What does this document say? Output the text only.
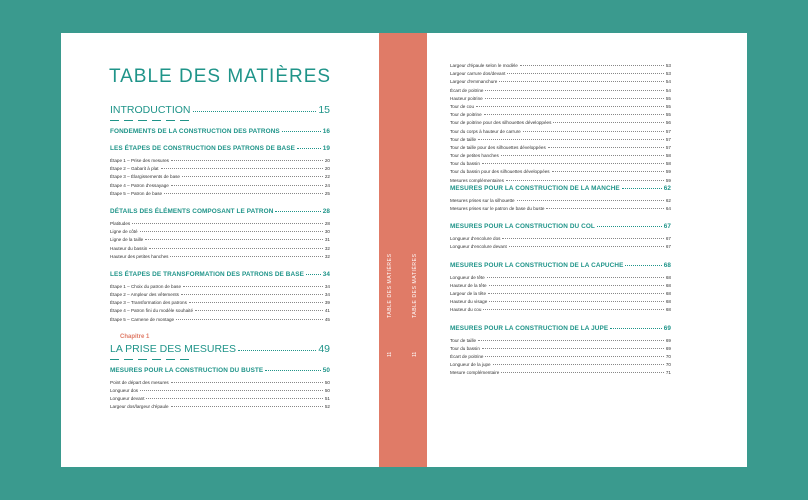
TABLE DES MATIÈRES
INTRODUCTION	15
FONDEMENTS DE LA CONSTRUCTION DES PATRONS	16
LES ÉTAPES DE CONSTRUCTION DES PATRONS DE BASE	19
Étape 1 – Prise des mesures	20
Étape 2 – Gabarit à plat	20
Étape 3 – Élargissements de base	22
Étape 4 – Patron d'essayage	24
Étape 5 – Patron de base	25
DÉTAILS DES ÉLÉMENTS COMPOSANT LE PATRON	28
Platitudes	28
Ligne de côté	30
Ligne de la taille	31
Hauteur du bassin	32
Hauteur des petites hanches	32
LES ÉTAPES DE TRANSFORMATION DES PATRONS DE BASE	34
Étape 1 – Choix du patron de base	34
Étape 2 – Ampleur des vêtements	34
Étape 3 – Transformation des patrons	39
Étape 4 – Patron fini du modèle souhaité	41
Étape 5 – Carnene de montage	45
Chapitre 1
LA PRISE DES MESURES	49
MESURES POUR LA CONSTRUCTION DU BUSTE	50
Point de départ des mesures	50
Longueur dos	50
Longueur devant	51
Largeur dos/largeur d'épaule	52
TABLE DES MATIÈRES
11
TABLE DES MATIÈRES
11
Largeur d'épaule selon le modèle	53
Largeur carrure dos/devant	53
Largeur d'emmanchure	54
Écart de poitrine	54
Hauteur poitrine	55
Tour de cou	55
Tour de poitrine	55
Tour de poitrine pour des silhouettes développées	56
Tour du corps à hauteur de carrure	57
Tour de taille	57
Tour de taille pour des silhouettes développées	57
Tour de petites hanches	58
Tour du bassin	58
Tour du bassin pour des silhouettes développées	59
Mesures complémentaires	59
MESURES POUR LA CONSTRUCTION DE LA MANCHE	62
Mesures prises sur la silhouette	62
Mesures prises sur le patron de base du buste	64
MESURES POUR LA CONSTRUCTION DU COL	67
Longueur d'encolure dos	67
Longueur d'encolure devant	67
MESURES POUR LA CONSTRUCTION DE LA CAPUCHE	68
Longueur de tête	68
Hauteur de la tête	68
Largeur de la tête	68
Hauteur du visage	68
Hauteur du cou	68
MESURES POUR LA CONSTRUCTION DE LA JUPE	69
Tour de taille	69
Tour du bassin	69
Écart de poitrine	70
Longueur de la jupe	70
Mesure complémentaire	71
